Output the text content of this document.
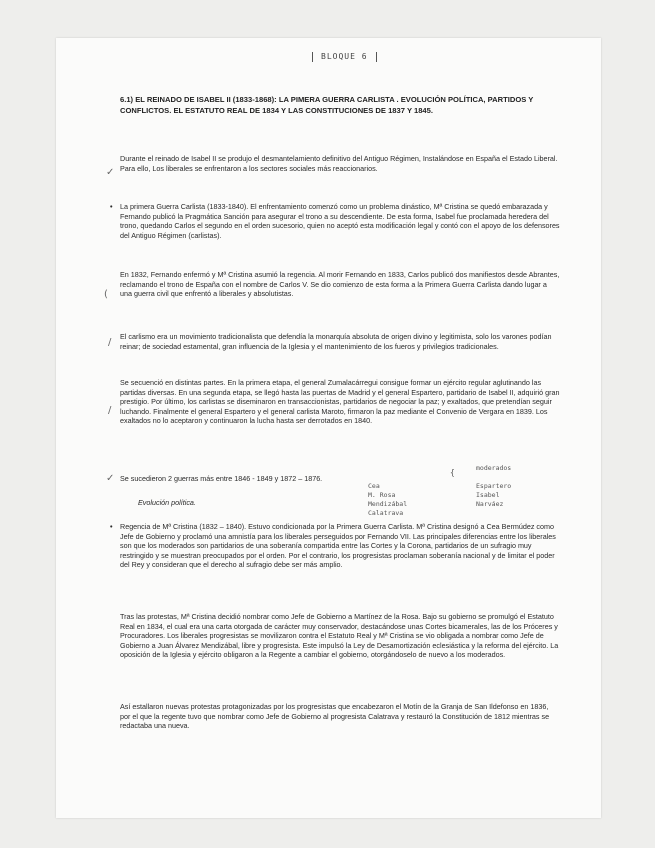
BLOQUE 6
6.1) EL REINADO DE ISABEL II (1833-1868): LA PIMERA GUERRA CARLISTA . EVOLUCIÓN POLÍTICA, PARTIDOS Y CONFLICTOS. EL ESTATUTO REAL DE 1834 Y LAS CONSTITUCIONES DE 1837 Y 1845.
✓
Durante el reinado de Isabel II se produjo el desmantelamiento definitivo del Antiguo Régimen, Instalándose en España el Estado Liberal. Para ello, Los liberales se enfrentaron a los sectores sociales más reaccionarios.
• La primera Guerra Carlista (1833-1840). El enfrentamiento comenzó como un problema dinástico, Mª Cristina se quedó embarazada y Fernando publicó la Pragmática Sanción para asegurar el trono a su descendiente. De esta forma, Isabel fue proclamada heredera del trono, quedando Carlos el segundo en el orden sucesorio, quien no aceptó esta modificación legal y contó con el apoyo de los defensores del Antiguo Régimen (carlistas).
(
En 1832, Fernando enfermó y Mª Cristina asumió la regencia. Al morir Fernando en 1833, Carlos publicó dos manifiestos desde Abrantes, reclamando el trono de España con el nombre de Carlos V. Se dio comienzo de esta forma a la Primera Guerra Carlista dando lugar a una guerra civil que enfrentó a liberales y absolutistas.
/
El carlismo era un movimiento tradicionalista que defendía la monarquía absoluta de origen divino y legitimista, solo los varones podían reinar; de sociedad estamental, gran influencia de la Iglesia y el mantenimiento de los fueros y privilegios tradicionales.
/
Se secuenció en distintas partes. En la primera etapa, el general Zumalacárregui consigue formar un ejército regular aglutinando las partidas diversas. En una segunda etapa, se llegó hasta las puertas de Madrid y el general Espartero, partidario de Isabel II, adquirió gran prestigio. Por último, los carlistas se diseminaron en transaccionistas, partidarios de negociar la paz; y exaltados, que pretendían seguir luchando. Finalmente el general Espartero y el general carlista Maroto, firmaron la paz mediante el Convenio de Vergara en 1839. Los exaltados no lo aceptaron y continuaron la lucha hasta ser derrotados en 1840.
✓ Se sucedieron 2 guerras más entre 1846 - 1849 y 1872 – 1876.
Evolución política.
Cea
M. Rosa
Mendizábal
Calatrava
{	moderados
Espartero
Isabel
Narváez
• Regencia de Mª Cristina (1832 – 1840). Estuvo condicionada por la Primera Guerra Carlista. Mª Cristina designó a Cea Bermúdez como Jefe de Gobierno y proclamó una amnistía para los liberales perseguidos por Fernando VII. Las principales diferencias entre los liberales son que los moderados son partidarios de una soberanía compartida entre las Cortes y la Corona, partidarios de un sufragio muy restringido y se muestran preocupados por el orden. Por el contrario, los progresistas proclaman soberanía nacional y de limitar el poder del Rey y consideran que el derecho al sufragio debe ser más amplio.
Tras las protestas, Mª Cristina decidió nombrar como Jefe de Gobierno a Martínez de la Rosa. Bajo su gobierno se promulgó el Estatuto Real en 1834, el cual era una carta otorgada de carácter muy conservador, destacándose unas Cortes bicamerales, las de los Próceres y Procuradores. Los liberales progresistas se movilizaron contra el Estatuto Real y Mª Cristina se vio obligada a nombrar como Jefe de Gobierno a Juan Álvarez Mendizábal, libre y progresista. Este impulsó la Ley de Desamortización eclesiástica y la reforma del ejército. La oposición de la Iglesia y ejército obligaron a la Regente a cambiar el gobierno, otorgándoselo de nuevo a los moderados.
Así estallaron nuevas protestas protagonizadas por los progresistas que encabezaron el Motín de la Granja de San Ildefonso en 1836, por el que la regente tuvo que nombrar como Jefe de Gobierno al progresista Calatrava y restauró la Constitución de 1812 mientras se redactaba una nueva.
